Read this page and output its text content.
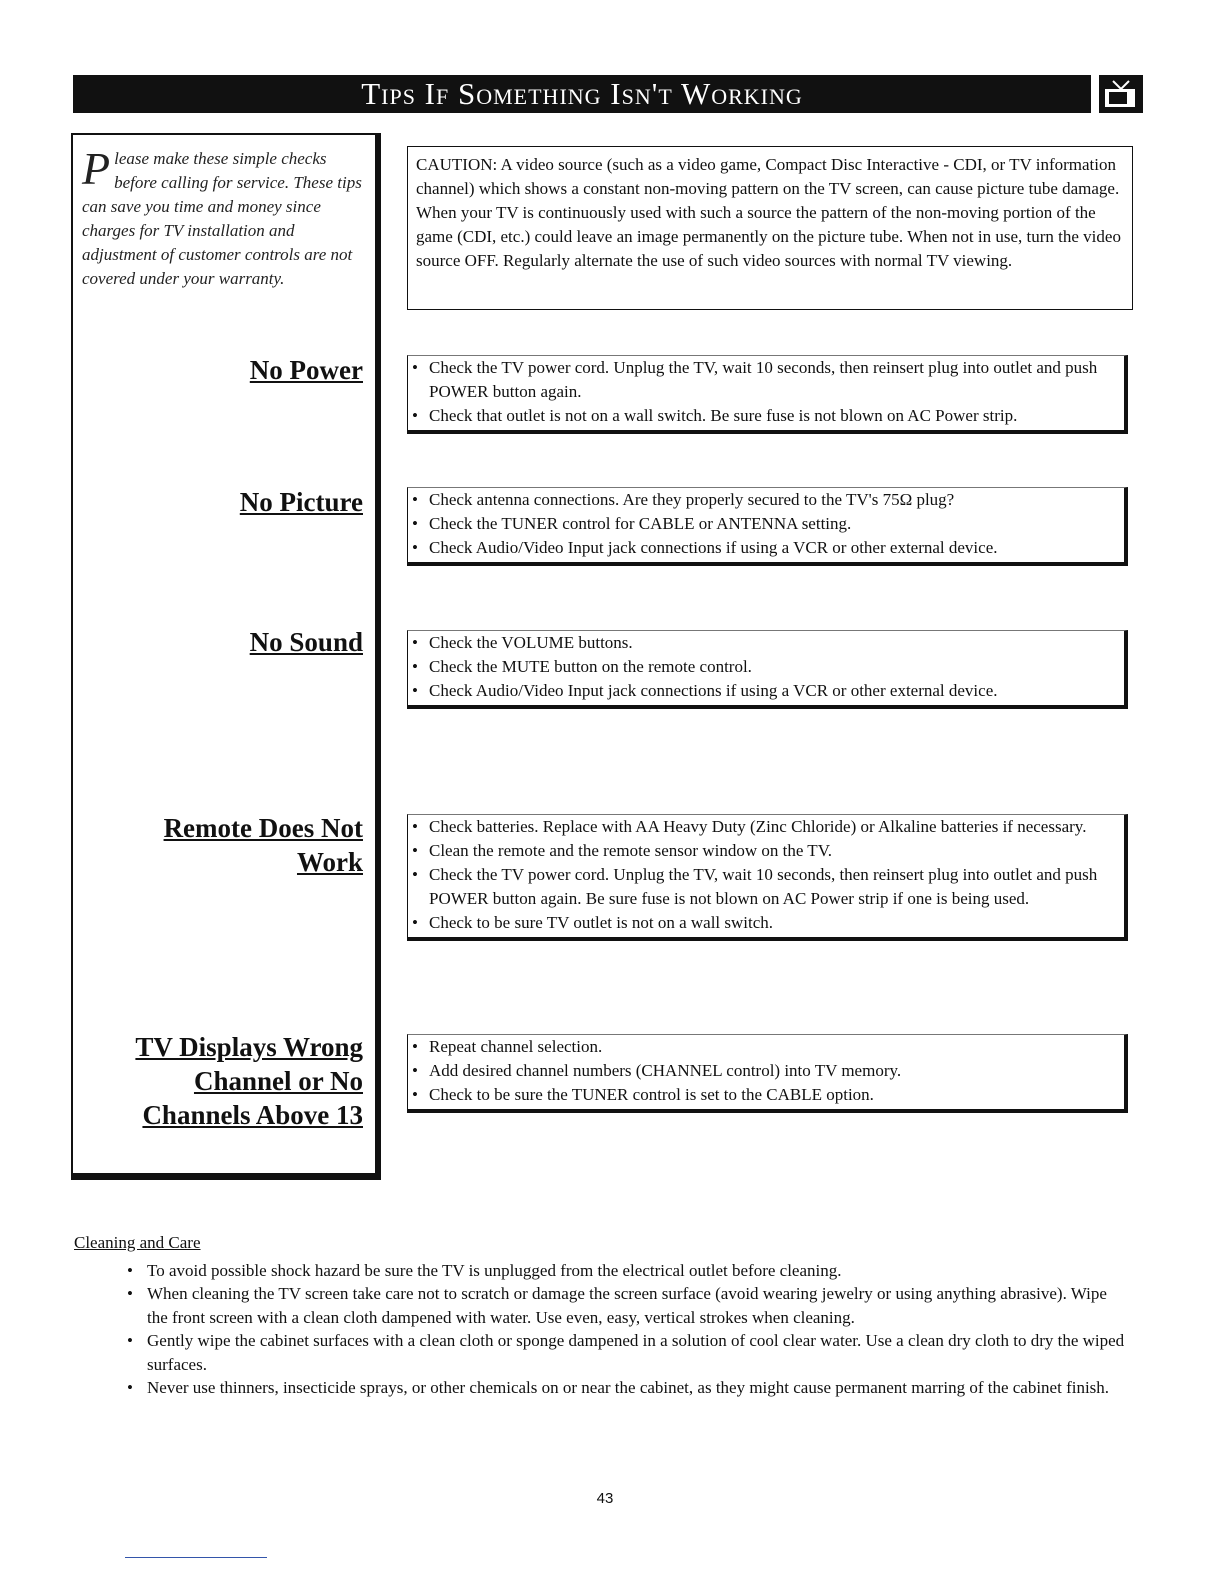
Tips If Something Isn't Working
Please make these simple checks before calling for service. These tips can save you time and money since charges for TV installation and adjustment of customer controls are not covered under your warranty.
No Power
No Picture
No Sound
Remote Does Not
Work
TV Displays Wrong
Channel or No
Channels Above 13
CAUTION: A video source (such as a video game, Compact Disc Interactive - CDI, or TV information channel) which shows a constant non-moving pattern on the TV screen, can cause picture tube damage. When your TV is continuously used with such a source the pattern of the non-moving portion of the game (CDI, etc.) could leave an image permanently on the picture tube. When not in use, turn the video source OFF. Regularly alternate the use of such video sources with normal TV viewing.
• Check the TV power cord. Unplug the TV, wait 10 seconds, then reinsert plug into outlet and push POWER button again.
• Check that outlet is not on a wall switch. Be sure fuse is not blown on AC Power strip.
• Check antenna connections. Are they properly secured to the TV's 75Ω plug?
• Check the TUNER control for CABLE or ANTENNA setting.
• Check Audio/Video Input jack connections if using a VCR or other external device.
• Check the VOLUME buttons.
• Check the MUTE button on the remote control.
• Check Audio/Video Input jack connections if using a VCR or other external device.
• Check batteries. Replace with AA Heavy Duty (Zinc Chloride) or Alkaline batteries if necessary.
• Clean the remote and the remote sensor window on the TV.
• Check the TV power cord. Unplug the TV, wait 10 seconds, then reinsert plug into outlet and push POWER button again. Be sure fuse is not blown on AC Power strip if one is being used.
• Check to be sure TV outlet is not on a wall switch.
• Repeat channel selection.
• Add desired channel numbers (CHANNEL control) into TV memory.
• Check to be sure the TUNER control is set to the CABLE option.
Cleaning and Care
• To avoid possible shock hazard be sure the TV is unplugged from the electrical outlet before cleaning.
• When cleaning the TV screen take care not to scratch or damage the screen surface (avoid wearing jewelry or using anything abrasive). Wipe the front screen with a clean cloth dampened with water. Use even, easy, vertical strokes when cleaning.
• Gently wipe the cabinet surfaces with a clean cloth or sponge dampened in a solution of cool clear water. Use a clean dry cloth to dry the wiped surfaces.
• Never use thinners, insecticide sprays, or other chemicals on or near the cabinet, as they might cause permanent marring of the cabinet finish.
43
